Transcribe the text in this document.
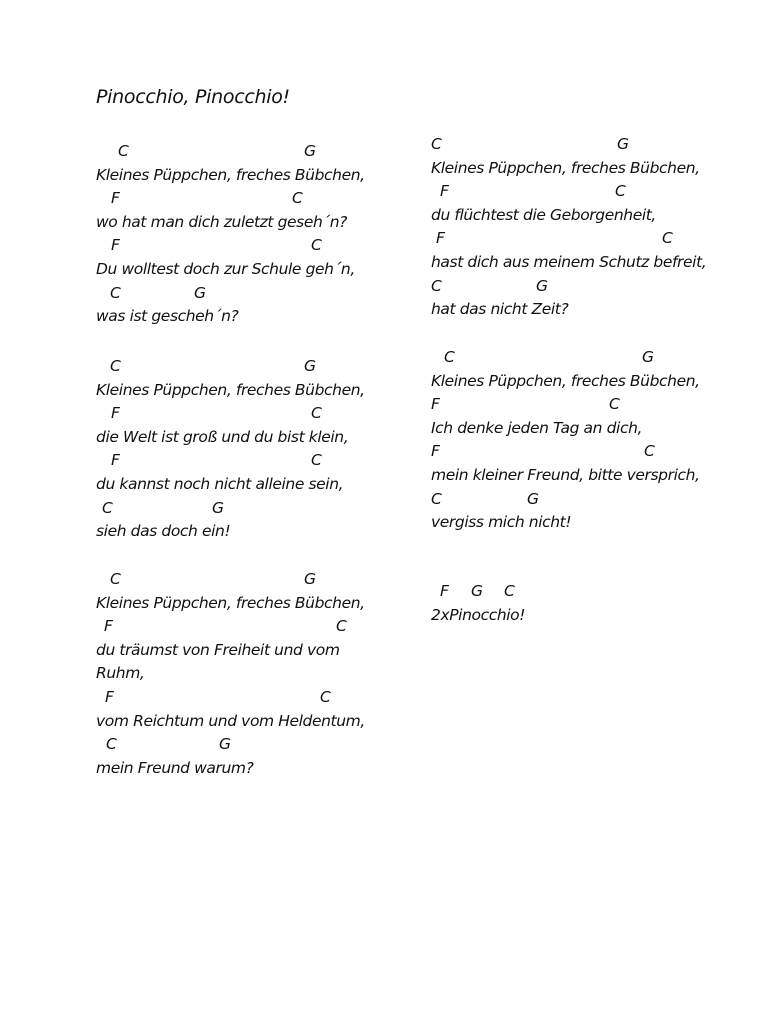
Pinocchio, Pinocchio!
C	G
Kleines Püppchen, freches Bübchen,
F	C
wo hat man dich zuletzt geseh´n?
F	C
Du wolltest doch zur Schule geh´n,
C	G
was ist gescheh´n?
C	G
Kleines Püppchen, freches Bübchen,
F	C
die Welt ist groß und du bist klein,
F	C
du kannst noch nicht alleine sein,
C	G
sieh das doch ein!
C	G
Kleines Püppchen, freches Bübchen,
F	C
du träumst von Freiheit und vom
Ruhm,
F	C
vom Reichtum und vom Heldentum,
C	G
mein Freund warum?
C	G
Kleines Püppchen, freches Bübchen,
F	C
du flüchtest die Geborgenheit,
F	C
hast dich aus meinem Schutz befreit,
C	G
hat das nicht Zeit?
C	G
Kleines Püppchen, freches Bübchen,
F	C
Ich denke jeden Tag an dich,
F	C
mein kleiner Freund, bitte versprich,
C	G
vergiss mich nicht!
F G C
2xPinocchio!
